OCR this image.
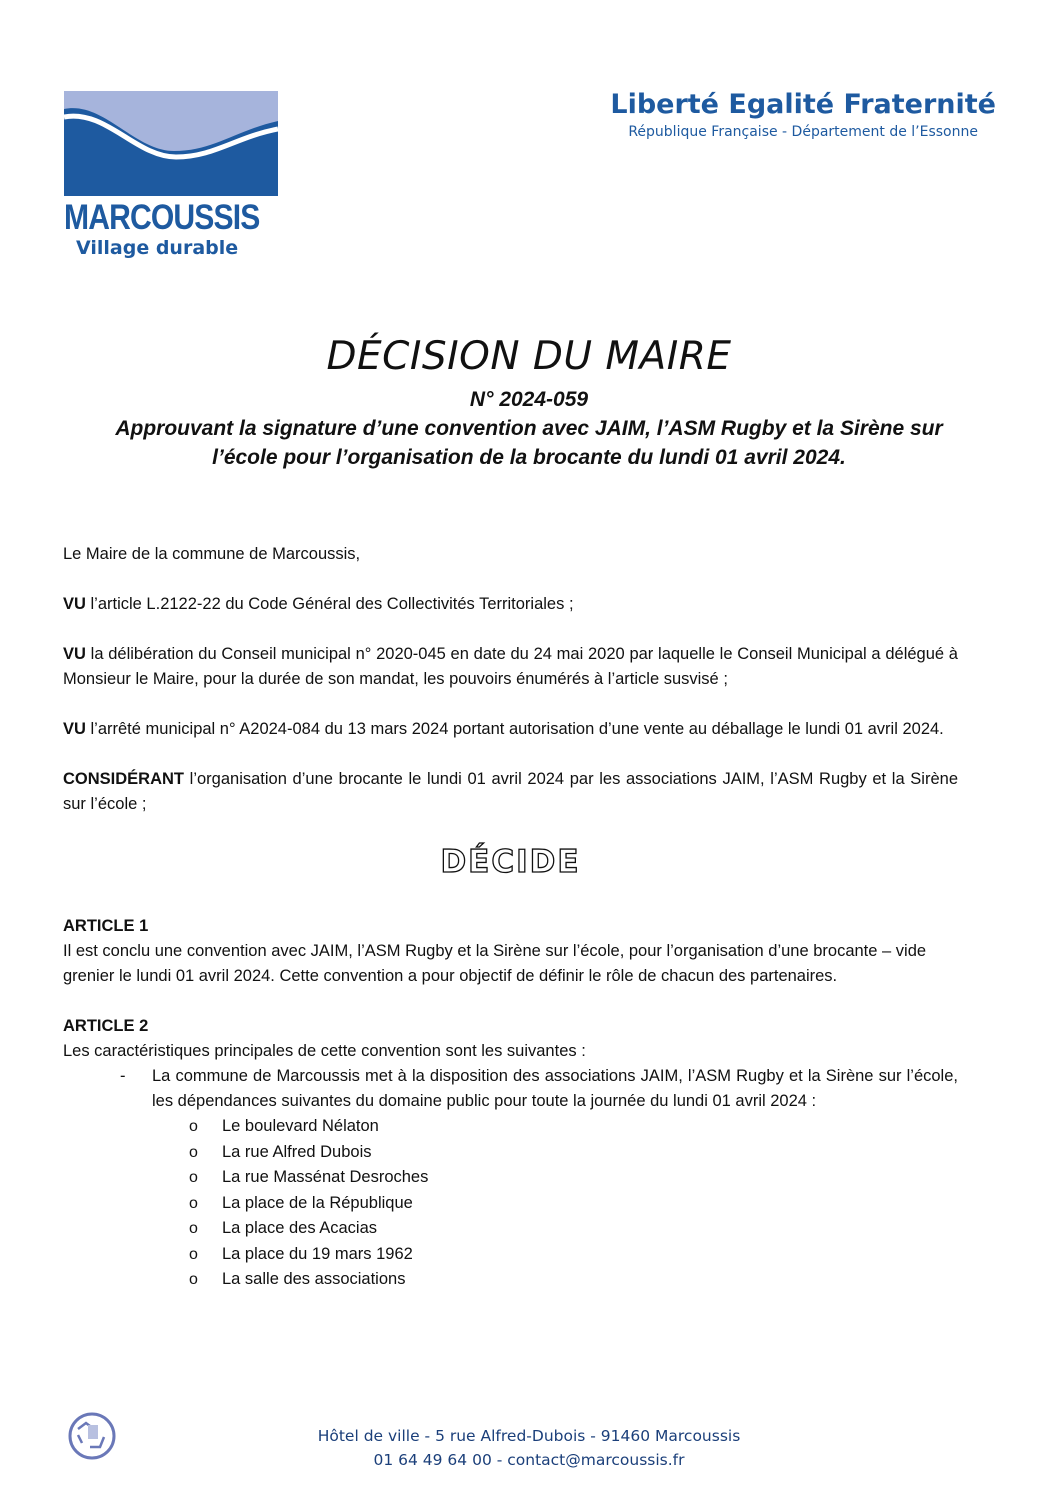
MARCOUSSIS
Village durable
Liberté Egalité Fraternité
République Française - Département de l’Essonne
DÉCISION DU MAIRE
N° 2024-059
Approuvant la signature d’une convention avec JAIM, l’ASM Rugby et la Sirène sur
l’école pour l’organisation de la brocante du lundi 01 avril 2024.

Le Maire de la commune de Marcoussis,

VU l’article L.2122-22 du Code Général des Collectivités Territoriales ;

VU la délibération du Conseil municipal n° 2020-045 en date du 24 mai 2020 par laquelle le Conseil Municipal a délégué à Monsieur le Maire, pour la durée de son mandat, les pouvoirs énumérés à l’article susvisé ;

VU l’arrêté municipal n° A2024-084 du 13 mars 2024 portant autorisation d’une vente au déballage le lundi 01 avril 2024.

CONSIDÉRANT l’organisation d’une brocante le lundi 01 avril 2024 par les associations JAIM, l’ASM Rugby et la Sirène sur l’école ;

DÉCIDE

ARTICLE 1

Il est conclu une convention avec JAIM, l’ASM Rugby et la Sirène sur l’école, pour l’organisation d’une brocante – vide grenier le lundi 01 avril 2024. Cette convention a pour objectif de définir le rôle de chacun des partenaires.

ARTICLE 2

Les caractéristiques principales de cette convention sont les suivantes :

- La commune de Marcoussis met à la disposition des associations JAIM, l’ASM Rugby et la Sirène sur l’école, les dépendances suivantes du domaine public pour toute la journée du lundi 01 avril 2024 :

o Le boulevard Nélaton
o La rue Alfred Dubois
o La rue Massénat Desroches
o La place de la République
o La place des Acacias
o La place du 19 mars 1962
o La salle des associations
Hôtel de ville - 5 rue Alfred-Dubois - 91460 Marcoussis
01 64 49 64 00 - contact@marcoussis.fr
